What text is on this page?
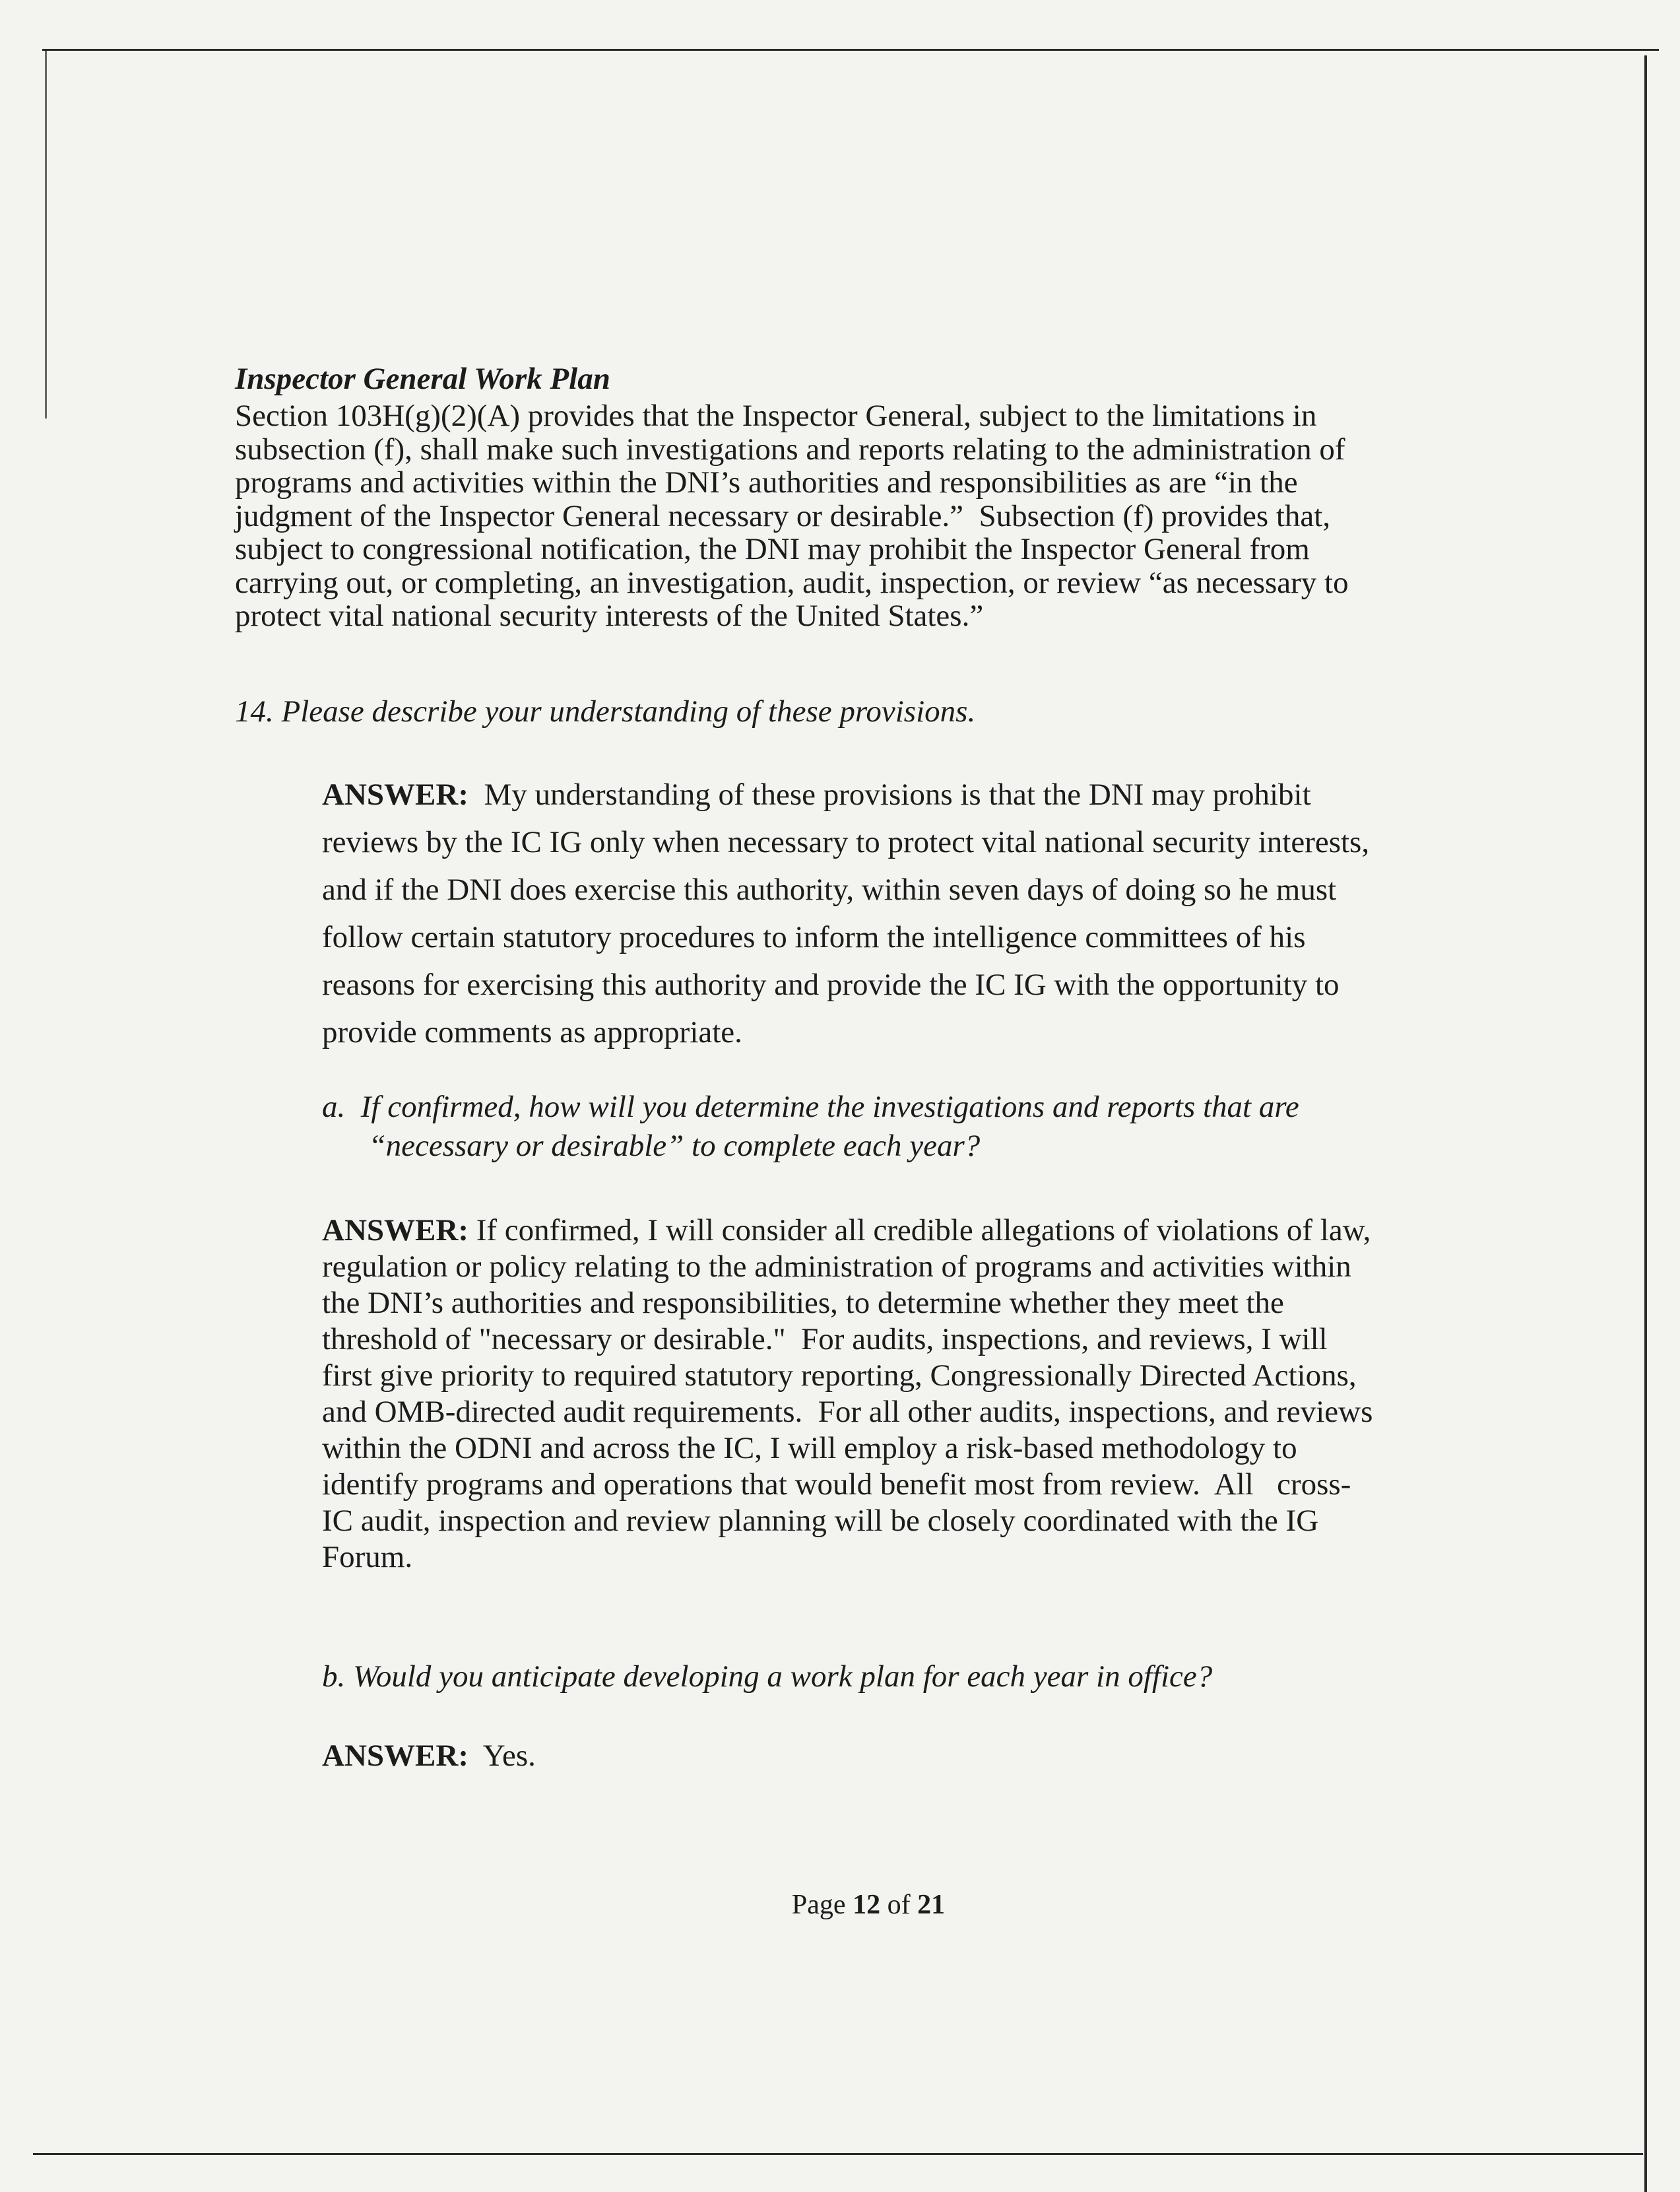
Inspector General Work Plan
Section 103H(g)(2)(A) provides that the Inspector General, subject to the limitations in
subsection (f), shall make such investigations and reports relating to the administration of
programs and activities within the DNI’s authorities and responsibilities as are “in the
judgment of the Inspector General necessary or desirable.”  Subsection (f) provides that,
subject to congressional notification, the DNI may prohibit the Inspector General from
carrying out, or completing, an investigation, audit, inspection, or review “as necessary to
protect vital national security interests of the United States.”
14. Please describe your understanding of these provisions.
ANSWER:  My understanding of these provisions is that the DNI may prohibit
reviews by the IC IG only when necessary to protect vital national security interests,
and if the DNI does exercise this authority, within seven days of doing so he must
follow certain statutory procedures to inform the intelligence committees of his
reasons for exercising this authority and provide the IC IG with the opportunity to
provide comments as appropriate.
a.  If confirmed, how will you determine the investigations and reports that are
“necessary or desirable” to complete each year?
ANSWER: If confirmed, I will consider all credible allegations of violations of law,
regulation or policy relating to the administration of programs and activities within
the DNI’s authorities and responsibilities, to determine whether they meet the
threshold of "necessary or desirable."  For audits, inspections, and reviews, I will
first give priority to required statutory reporting, Congressionally Directed Actions,
and OMB-directed audit requirements.  For all other audits, inspections, and reviews
within the ODNI and across the IC, I will employ a risk-based methodology to
identify programs and operations that would benefit most from review.  All   cross-
IC audit, inspection and review planning will be closely coordinated with the IG
Forum.
b. Would you anticipate developing a work plan for each year in office?
ANSWER:  Yes.
Page 12 of 21
